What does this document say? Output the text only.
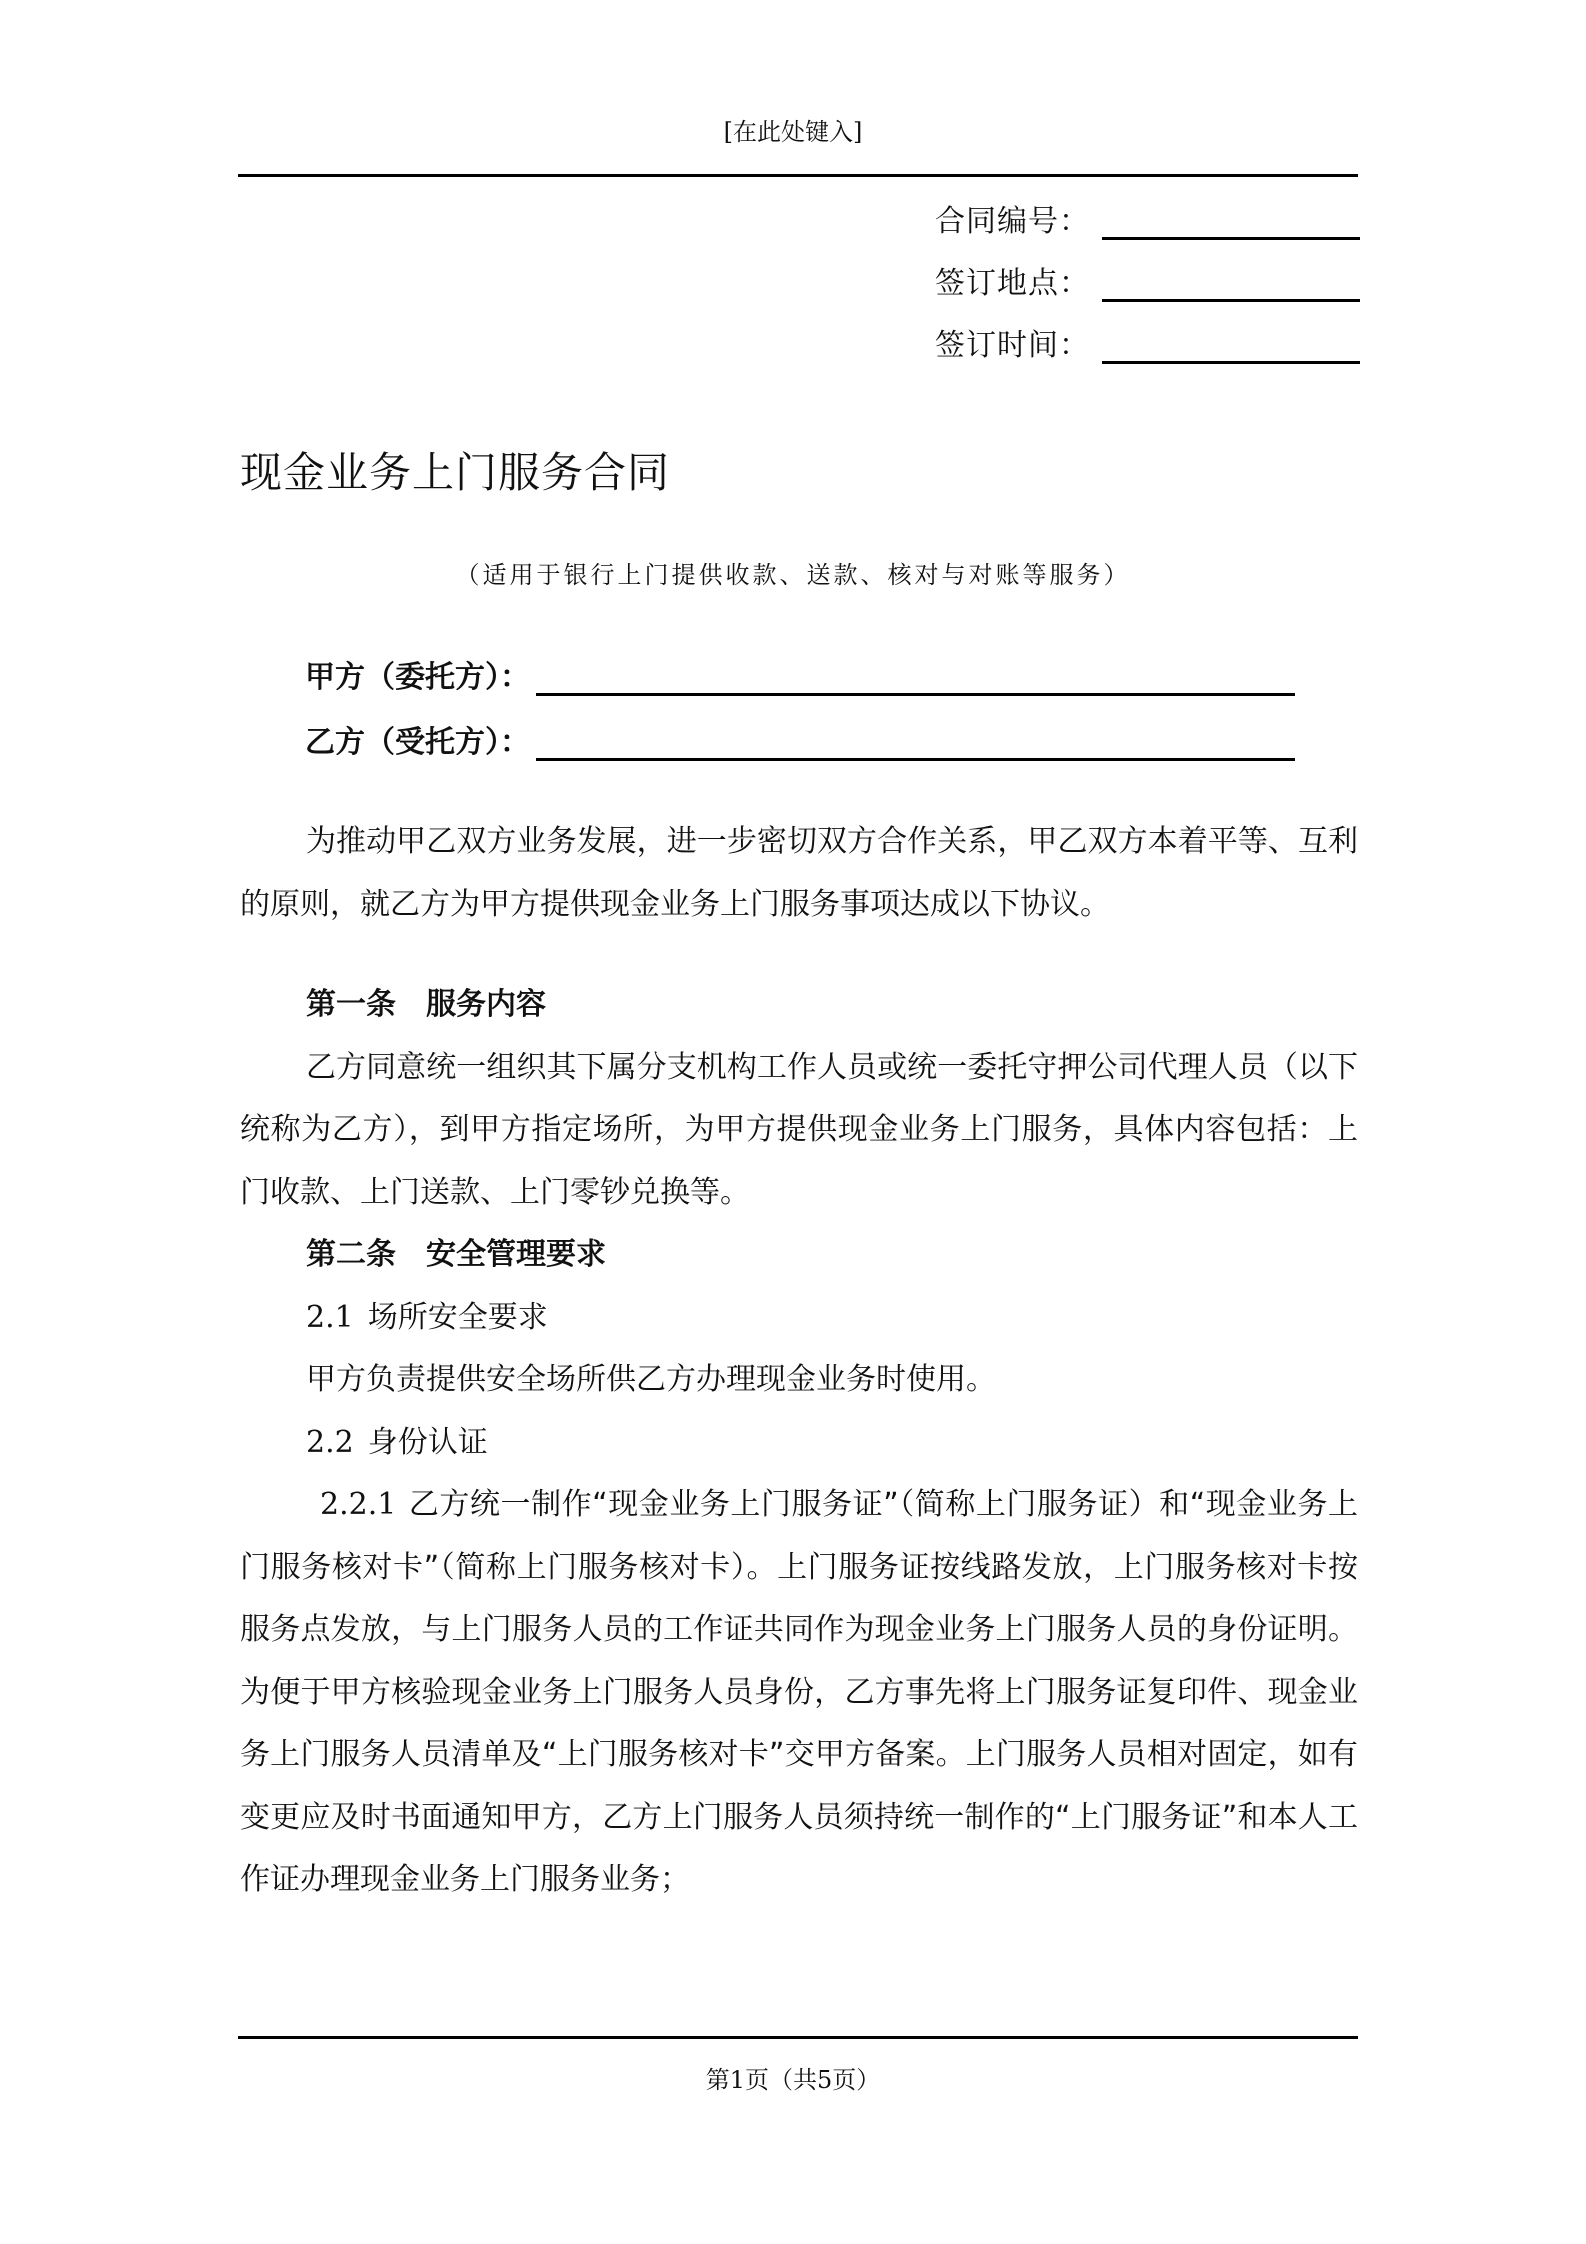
[在此处键入]
合同编号：
签订地点：
签订时间：
现金业务上门服务合同
（适用于银行上门提供收款、送款、核对与对账等服务）
甲方（委托方）：
乙方（受托方）：

为推动甲乙双方业务发展，进一步密切双方合作关系，甲乙双方本着平等、互利的原则，就乙方为甲方提供现金业务上门服务事项达成以下协议。

第一条 服务内容

乙方同意统一组织其下属分支机构工作人员或统一委托守押公司代理人员（以下统称为乙方），到甲方指定场所，为甲方提供现金业务上门服务，具体内容包括：上门收款、上门送款、上门零钞兑换等。

第二条 安全管理要求

2.1 场所安全要求

甲方负责提供安全场所供乙方办理现金业务时使用。

2.2 身份认证

2.2.1 乙方统一制作“现金业务上门服务证”（简称上门服务证）和“现金业务上门服务核对卡”（简称上门服务核对卡）。上门服务证按线路发放，上门服务核对卡按服务点发放，与上门服务人员的工作证共同作为现金业务上门服务人员的身份证明。为便于甲方核验现金业务上门服务人员身份，乙方事先将上门服务证复印件、现金业务上门服务人员清单及“上门服务核对卡”交甲方备案。上门服务人员相对固定，如有变更应及时书面通知甲方，乙方上门服务人员须持统一制作的“上门服务证”和本人工作证办理现金业务上门服务业务；

第1页（共5页）
